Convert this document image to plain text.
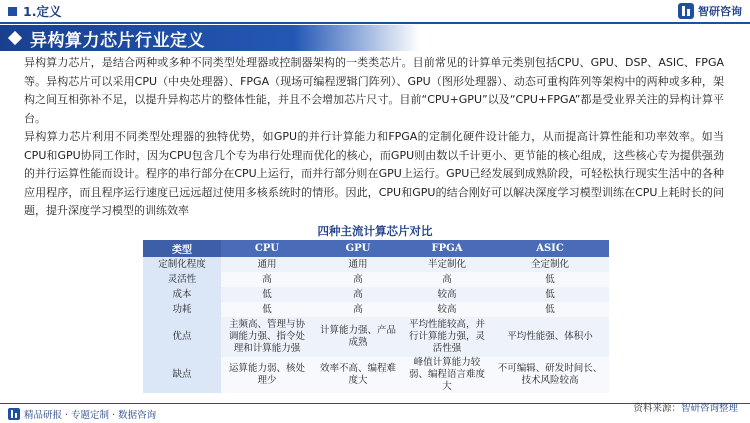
1.定义	智研咨询
异构算力芯片行业定义

异构算力芯片，是结合两种或多种不同类型处理器或控制器架构的一类类芯片。目前常见的计算单元类别包括CPU、GPU、DSP、ASIC、FPGA等。异构芯片可以采用CPU（中央处理器）、FPGA（现场可编程逻辑门阵列）、GPU（图形处理器）、动态可重构阵列等架构中的两种或多种，架构之间互相弥补不足，以提升异构芯片的整体性能，并且不会增加芯片尺寸。目前“CPU+GPU”以及“CPU+FPGA”都是受业界关注的异构计算平台。

异构算力芯片利用不同类型处理器的独特优势，如GPU的并行计算能力和FPGA的定制化硬件设计能力，从而提高计算性能和功率效率。如当CPU和GPU协同工作时，因为CPU包含几个专为串行处理而优化的核心，而GPU则由数以千计更小、更节能的核心组成，这些核心专为提供强劲的并行运算性能而设计。程序的串行部分在CPU上运行，而并行部分则在GPU上运行。GPU已经发展到成熟阶段，可轻松执行现实生活中的各种应用程序，而且程序运行速度已远远超过使用多核系统时的情形。因此，CPU和GPU的结合刚好可以解决深度学习模型训练在CPU上耗时长的问题，提升深度学习模型的训练效率

四种主流计算芯片对比
类型	CPU	GPU	FPGA	ASIC
定制化程度	通用	通用	半定制化	全定制化
灵活性	高	高	高	低
成本	低	高	较高	低
功耗	低	高	较高	低
优点	主频高、管理与协调能力强、指令处理和计算能力强	计算能力强、产品成熟	平均性能较高，并行计算能力强，灵活性强	平均性能强、体积小
缺点	运算能力弱、核处理少	效率不高、编程难度大	峰值计算能力较弱、编程语言难度大	不可编辑、研发时间长、技术风险较高
精品研报 · 专题定制 · 数据咨询
资料来源：智研咨询整理
